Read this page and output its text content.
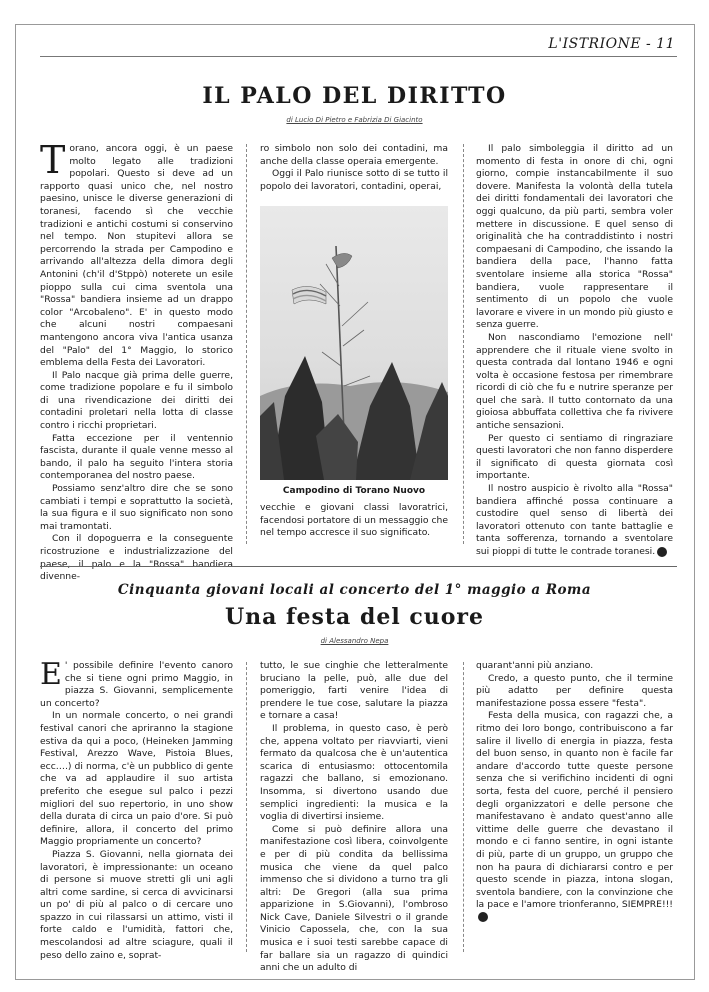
L'ISTRIONE - 11
IL PALO DEL DIRITTO
di Lucio Di Pietro e Fabrizia Di Giacinto

Torano, ancora oggi, è un paese molto legato alle tradizioni popolari. Questo si deve ad un rapporto quasi unico che, nel nostro paesino, unisce le diverse generazioni di toranesi, facendo sì che vecchie tradizioni e antichi costumi si conservino nel tempo. Non stupitevi allora se percorrendo la strada per Campodino e arrivando all'altezza della dimora degli Antonini (ch'il d'Stppò) noterete un esile pioppo sulla cui cima sventola una "Rossa" bandiera insieme ad un drappo color "Arcobaleno". E' in questo modo che alcuni nostri compaesani mantengono ancora viva l'antica usanza del "Palo" del 1° Maggio, lo storico emblema della Festa dei Lavoratori.

Il Palo nacque già prima delle guerre, come tradizione popolare e fu il simbolo di una rivendicazione dei diritti dei contadini proletari nella lotta di classe contro i ricchi proprietari.

Fatta eccezione per il ventennio fascista, durante il quale venne messo al bando, il palo ha seguito l'intera storia contemporanea del nostro paese.

Possiamo senz'altro dire che se sono cambiati i tempi e soprattutto la società, la sua figura e il suo significato non sono mai tramontati.

Con il dopoguerra e la conseguente ricostruzione e industrializzazione del paese, il palo e la "Rossa" bandiera divenne-

ro simbolo non solo dei contadini, ma anche della classe operaia emergente.

Oggi il Palo riunisce sotto di se tutto il popolo dei lavoratori, contadini, operai,

Campodino di Torano Nuovo

vecchie e giovani classi lavoratrici, facendosi portatore di un messaggio che nel tempo accresce il suo significato.

Il palo simboleggia il diritto ad un momento di festa in onore di chi, ogni giorno, compie instancabilmente il suo dovere. Manifesta la volontà della tutela dei diritti fondamentali dei lavoratori che oggi qualcuno, da più parti, sembra voler mettere in discussione. E quel senso di originalità che ha contraddistinto i nostri compaesani di Campodino, che issando la bandiera della pace, l'hanno fatta sventolare insieme alla storica "Rossa" bandiera, vuole rappresentare il sentimento di un popolo che vuole lavorare e vivere in un mondo più giusto e senza guerre.

Non nascondiamo l'emozione nell' apprendere che il rituale viene svolto in questa contrada dal lontano 1946 e ogni volta è occasione festosa per rimembrare ricordi di ciò che fu e nutrire speranze per quel che sarà. Il tutto contornato da una gioiosa abbuffata collettiva che fa rivivere antiche sensazioni.

Per questo ci sentiamo di ringraziare questi lavoratori che non fanno disperdere il significato di questa giornata così importante.

Il nostro auspicio è rivolto alla "Rossa" bandiera affinché possa continuare a custodire quel senso di libertà dei lavoratori ottenuto con tante battaglie e tanta sofferenza, tornando a sventolare sui pioppi di tutte le contrade toranesi.

Cinquanta giovani locali al concerto del 1° maggio a Roma
Una festa del cuore
di Alessandro Nepa

E ' possibile definire l'evento canoro che si tiene ogni primo Maggio, in piazza S. Giovanni, semplicemente un concerto?

In un normale concerto, o nei grandi festival canori che apriranno la stagione estiva da qui a poco, (Heineken Jamming Festival, Arezzo Wave, Pistoia Blues, ecc….) di norma, c'è un pubblico di gente che va ad applaudire il suo artista preferito che esegue sul palco i pezzi migliori del suo repertorio, in uno show della durata di circa un paio d'ore. Si può definire, allora, il concerto del primo Maggio propriamente un concerto?

Piazza S. Giovanni, nella giornata dei lavoratori, è impressionante: un oceano di persone si muove stretti gli uni agli altri come sardine, si cerca di avvicinarsi un po' di più al palco o di cercare uno spazzo in cui rilassarsi un attimo, visti il forte caldo e l'umidità, fattori che, mescolandosi ad altre sciagure, quali il peso dello zaino e, soprat-

tutto, le sue cinghie che letteralmente bruciano la pelle, può, alle due del pomeriggio, farti venire l'idea di prendere le tue cose, salutare la piazza e tornare a casa!

Il problema, in questo caso, è però che, appena voltato per riavviarti, vieni fermato da qualcosa che è un'autentica scarica di entusiasmo: ottocentomila ragazzi che ballano, si emozionano. Insomma, si divertono usando due semplici ingredienti: la musica e la voglia di divertirsi insieme.

Come si può definire allora una manifestazione così libera, coinvolgente e per di più condita da bellissima musica che viene da quel palco immenso che si dividono a turno tra gli altri: De Gregori (alla sua prima apparizione in S.Giovanni), l'ombroso Nick Cave, Daniele Silvestri o il grande Vinicio Capossela, che, con la sua musica e i suoi testi sarebbe capace di far ballare sia un ragazzo di quindici anni che un adulto di

quarant'anni più anziano.

Credo, a questo punto, che il termine più adatto per definire questa manifestazione possa essere "festa".

Festa della musica, con ragazzi che, a ritmo dei loro bongo, contribuiscono a far salire il livello di energia in piazza, festa del buon senso, in quanto non è facile far andare d'accordo tutte queste persone senza che si verifichino incidenti di ogni sorta, festa del cuore, perché il pensiero degli organizzatori e delle persone che manifestavano è andato quest'anno alle vittime delle guerre che devastano il mondo e ci fanno sentire, in ogni istante di più, parte di un gruppo, un gruppo che non ha paura di dichiararsi contro e per questo scende in piazza, intona slogan, sventola bandiere, con la convinzione che la pace e l'amore trionferanno, SIEMPRE!!!
